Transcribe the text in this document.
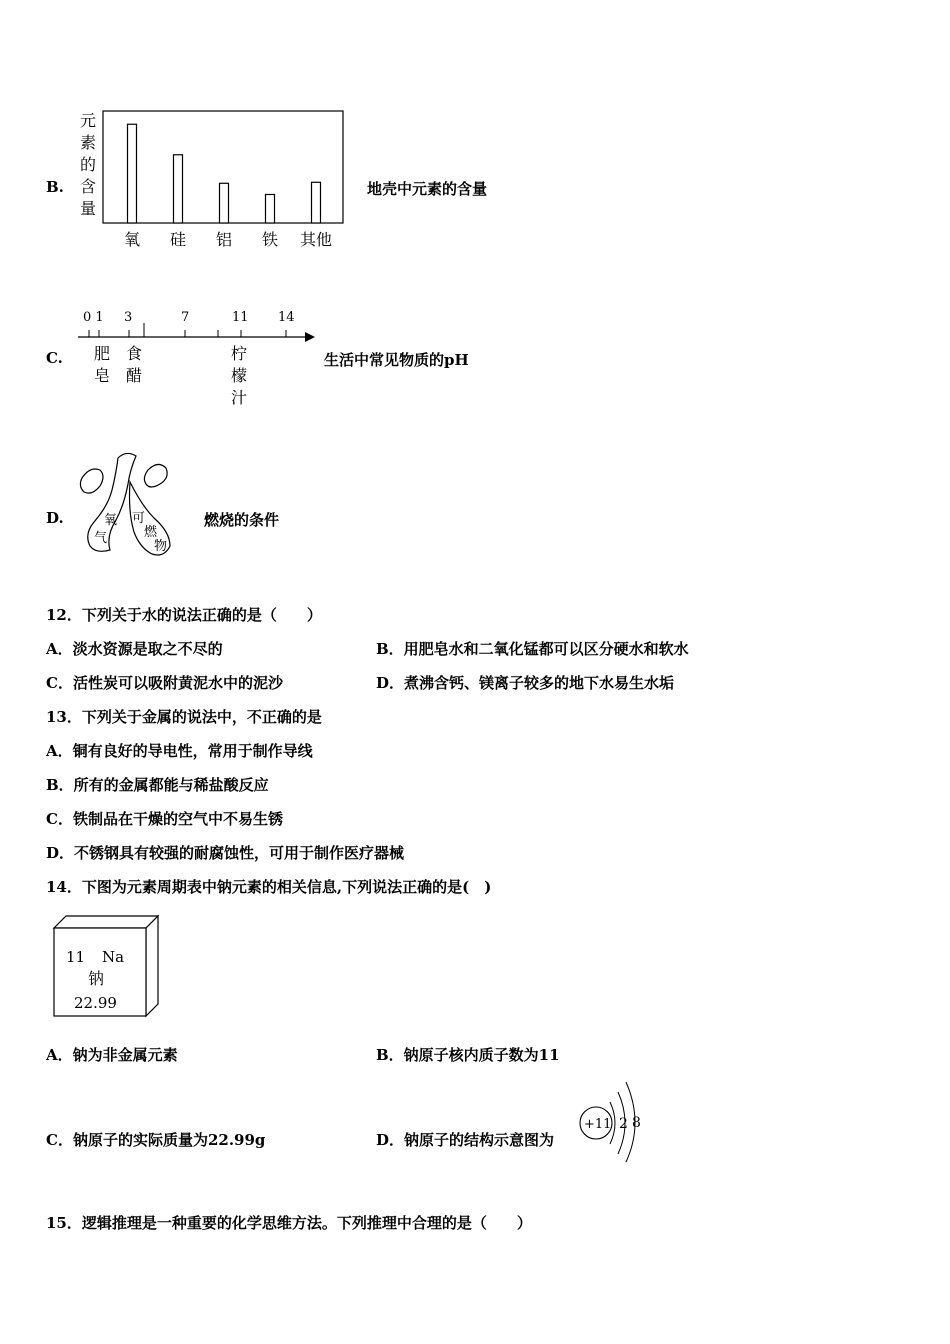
B.
元
素
的
含
量
氧 硅 铝 铁 其他
地壳中元素的含量
C.
0 1 3	7	11 14
肥
皂
食
醋
柠
檬
汁
生活中常见物质的pH
D.	氧
气
可
燃
物
燃烧的条件
12．下列关于水的说法正确的是（　　）
A．淡水资源是取之不尽的	B．用肥皂水和二氧化锰都可以区分硬水和软水
C．活性炭可以吸附黄泥水中的泥沙	D．煮沸含钙、镁离子较多的地下水易生水垢
13．下列关于金属的说法中，不正确的是
A．铜有良好的导电性，常用于制作导线
B．所有的金属都能与稀盐酸反应
C．铁制品在干燥的空气中不易生锈
D．不锈钢具有较强的耐腐蚀性，可用于制作医疗器械
14．下图为元素周期表中钠元素的相关信息,下列说法正确的是(　)
11 Na
钠
22.99
A．钠为非金属元素	B．钠原子核内质子数为11
C．钠原子的实际质量为22.99g	D．钠原子的结构示意图为
+11 2 8
15．逻辑推理是一种重要的化学思维方法。下列推理中合理的是（　　）
